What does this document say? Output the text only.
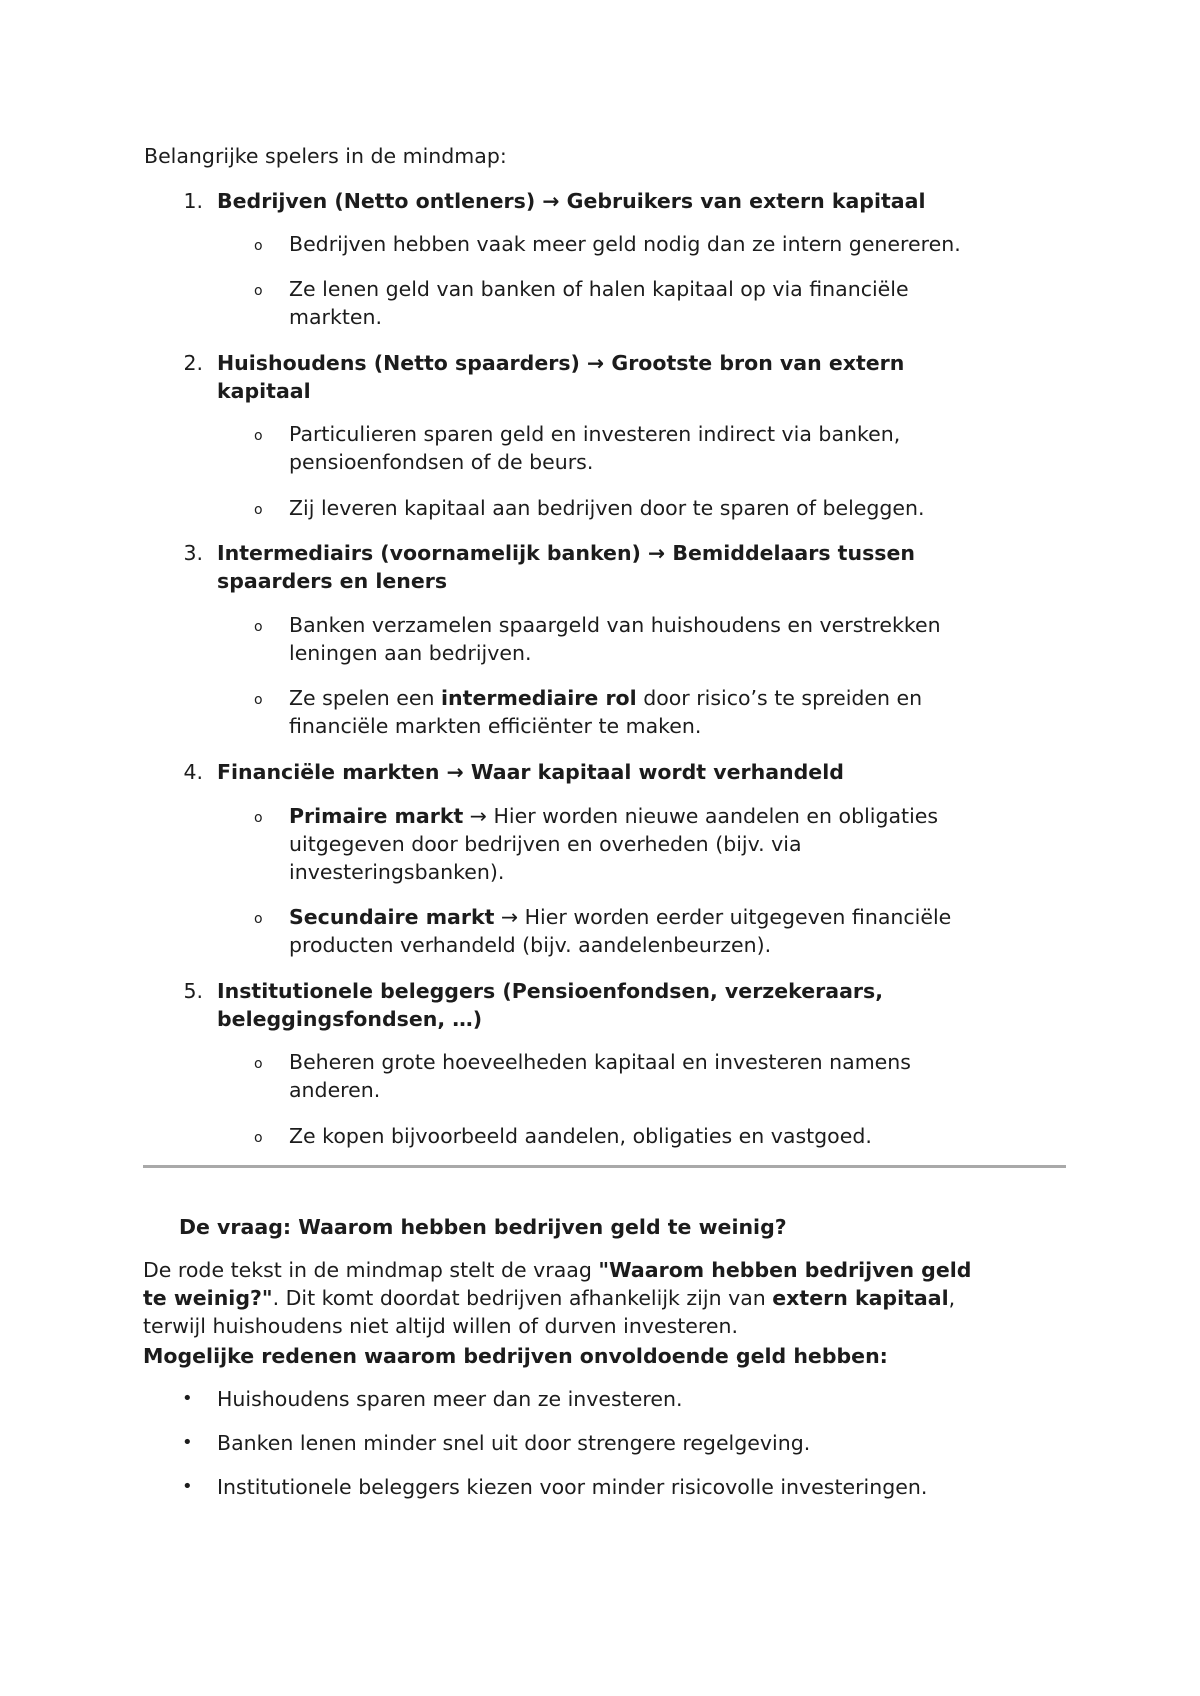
Belangrijke spelers in de mindmap:
1. Bedrijven (Netto ontleners) → Gebruikers van extern kapitaal
o Bedrijven hebben vaak meer geld nodig dan ze intern genereren.
o Ze lenen geld van banken of halen kapitaal op via financiële
markten.
2. Huishoudens (Netto spaarders) → Grootste bron van extern
kapitaal
o Particulieren sparen geld en investeren indirect via banken,
pensioenfondsen of de beurs.
o Zij leveren kapitaal aan bedrijven door te sparen of beleggen.
3. Intermediairs (voornamelijk banken) → Bemiddelaars tussen
spaarders en leners
o Banken verzamelen spaargeld van huishoudens en verstrekken
leningen aan bedrijven.
o Ze spelen een intermediaire rol door risico’s te spreiden en
financiële markten efficiënter te maken.
4. Financiële markten → Waar kapitaal wordt verhandeld
o Primaire markt → Hier worden nieuwe aandelen en obligaties
uitgegeven door bedrijven en overheden (bijv. via
investeringsbanken).
o Secundaire markt → Hier worden eerder uitgegeven financiële
producten verhandeld (bijv. aandelenbeurzen).
5. Institutionele beleggers (Pensioenfondsen, verzekeraars,
beleggingsfondsen, …)
o Beheren grote hoeveelheden kapitaal en investeren namens
anderen.
o Ze kopen bijvoorbeeld aandelen, obligaties en vastgoed.
De vraag: Waarom hebben bedrijven geld te weinig?
De rode tekst in de mindmap stelt de vraag "Waarom hebben bedrijven geld
te weinig?". Dit komt doordat bedrijven afhankelijk zijn van extern kapitaal,
terwijl huishoudens niet altijd willen of durven investeren.
Mogelijke redenen waarom bedrijven onvoldoende geld hebben:
• Huishoudens sparen meer dan ze investeren.
• Banken lenen minder snel uit door strengere regelgeving.
• Institutionele beleggers kiezen voor minder risicovolle investeringen.
